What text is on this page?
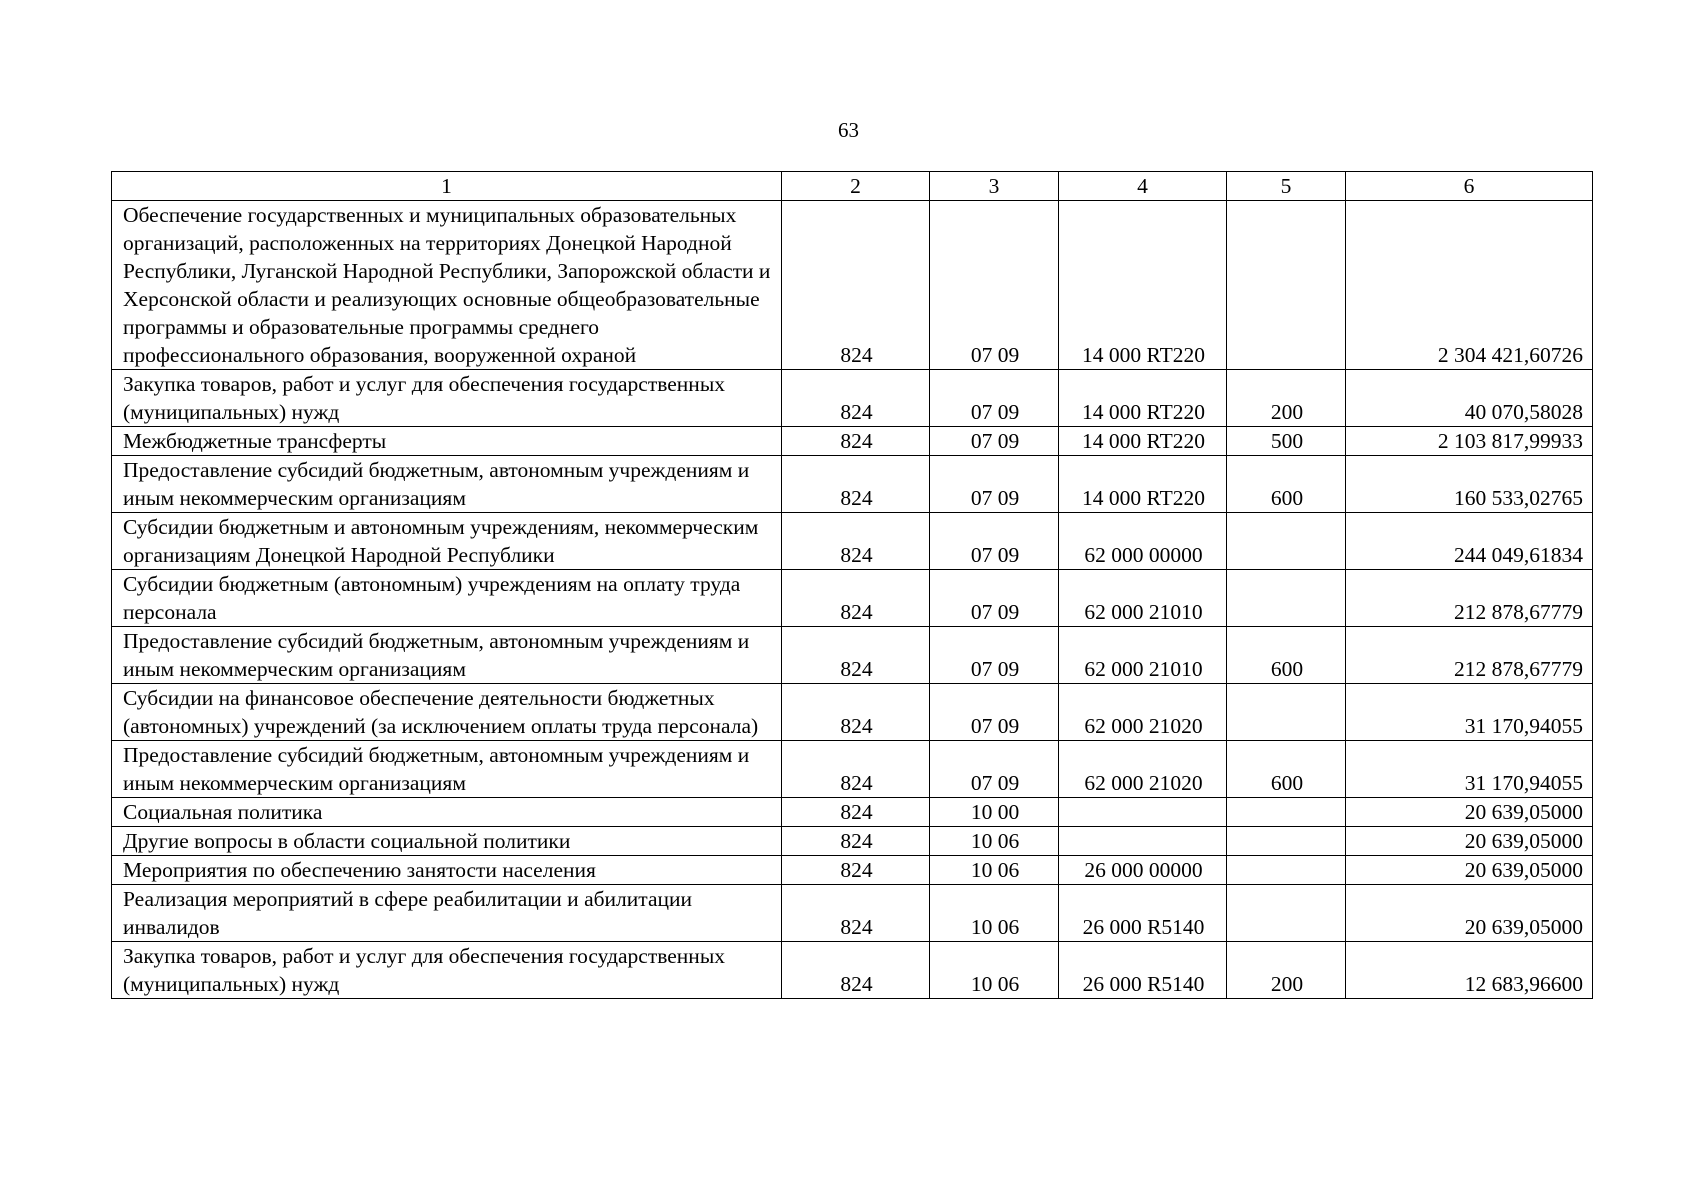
63
1	2	3	4	5	6
Обеспечение государственных и муниципальных образовательных организаций, расположенных на территориях Донецкой Народной Республики, Луганской Народной Республики, Запорожской области и Херсонской области и реализующих основные общеобразовательные программы и образовательные программы среднего профессионального образования, вооруженной охраной	824	07 09	14 000 RT220		2 304 421,60726
Закупка товаров, работ и услуг для обеспечения государственных (муниципальных) нужд	824	07 09	14 000 RT220	200	40 070,58028
Межбюджетные трансферты	824	07 09	14 000 RT220	500	2 103 817,99933
Предоставление субсидий бюджетным, автономным учреждениям и иным некоммерческим организациям	824	07 09	14 000 RT220	600	160 533,02765
Субсидии бюджетным и автономным учреждениям, некоммерческим организациям Донецкой Народной Республики	824	07 09	62 000 00000		244 049,61834
Субсидии бюджетным (автономным) учреждениям на оплату труда персонала	824	07 09	62 000 21010		212 878,67779
Предоставление субсидий бюджетным, автономным учреждениям и иным некоммерческим организациям	824	07 09	62 000 21010	600	212 878,67779
Субсидии на финансовое обеспечение деятельности бюджетных (автономных) учреждений (за исключением оплаты труда персонала)	824	07 09	62 000 21020		31 170,94055
Предоставление субсидий бюджетным, автономным учреждениям и иным некоммерческим организациям	824	07 09	62 000 21020	600	31 170,94055
Социальная политика	824	10 00			20 639,05000
Другие вопросы в области социальной политики	824	10 06			20 639,05000
Мероприятия по обеспечению занятости населения	824	10 06	26 000 00000		20 639,05000
Реализация мероприятий в сфере реабилитации и абилитации инвалидов	824	10 06	26 000 R5140		20 639,05000
Закупка товаров, работ и услуг для обеспечения государственных (муниципальных) нужд	824	10 06	26 000 R5140	200	12 683,96600
